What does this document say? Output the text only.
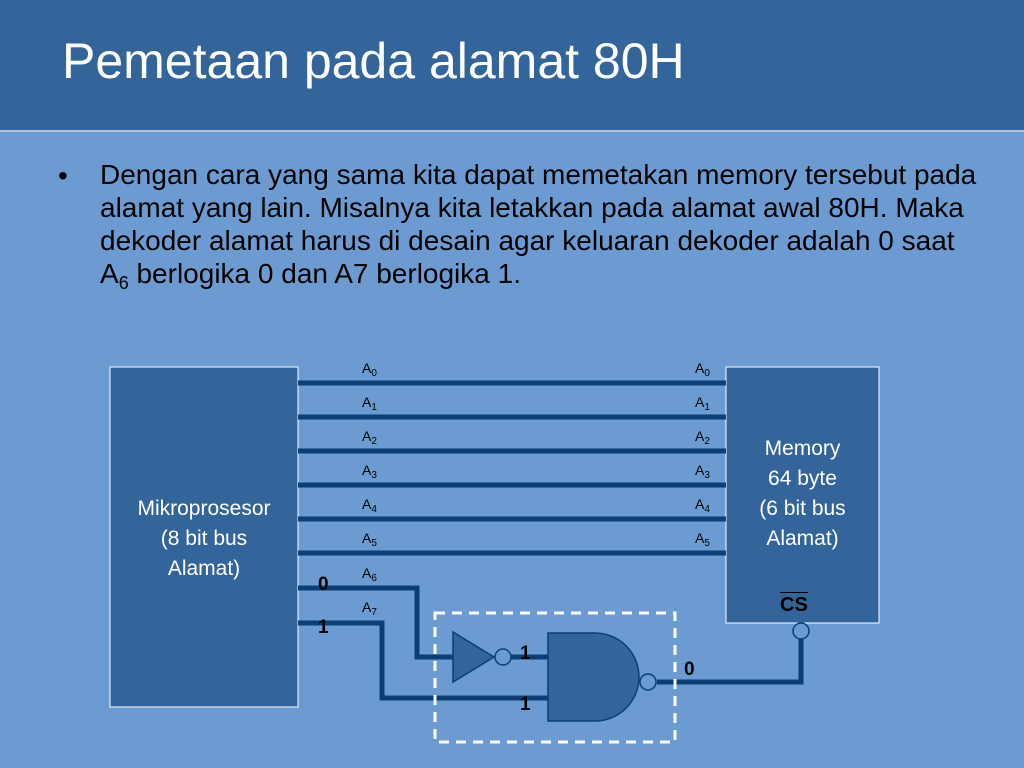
Pemetaan pada alamat 80H
• Dengan cara yang sama kita dapat memetakan memory tersebut pada alamat yang lain. Misalnya kita letakkan pada alamat awal 80H. Maka dekoder alamat harus di desain agar keluaran dekoder adalah 0 saat $A_6$ berlogika 0 dan A7 berlogika 1.
Mikroprosesor
(8 bit bus
Alamat)
Memory
64 byte
(6 bit bus
Alamat)
CS
$A_0$
$A_1$
$A_2$
$A_3$
$A_4$
$A_5$
$A_6$
$A_7$
$A_0$
$A_1$
$A_2$
$A_3$
$A_4$
$A_5$
0
1
1
1
0
